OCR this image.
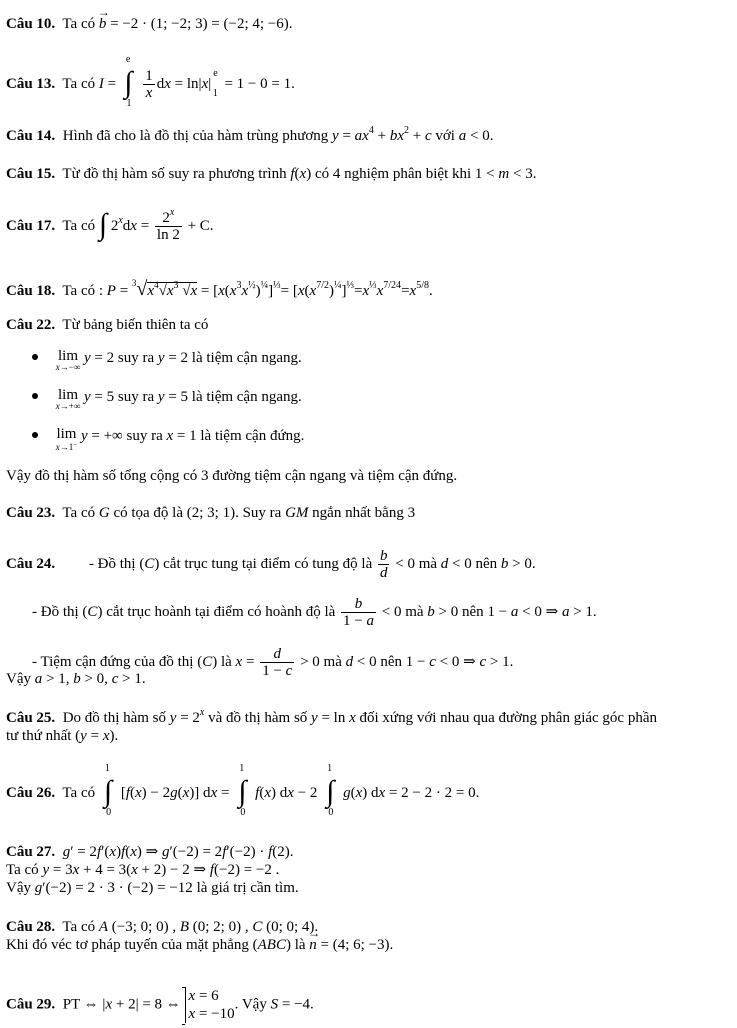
Câu 10. Ta có → b = −2 · (1; −2; 3) = (−2; 4; −6).
Câu 13. Ta có I = e∫1
$\frac{1}{x}$ dx = ln|x|e1 = 1 − 0 = 1.
Câu 14. Hình đã cho là đồ thị của hàm trùng phương $y = ax^4 + bx^2 + c$ với a < 0.
Câu 15. Từ đồ thị hàm số suy ra phương trình f(x) có 4 nghiệm phân biệt khi 1 < m < 3.
Câu 17. Ta có ∫ $2^xdx = \frac{2^x}{\ln 2} + C$.
Câu 18. Ta có : $P = ^3√x^4√x^3$ $√x = [x(x^3x^{\frac{1}{2}})^{\frac{1}{4}}]^{\frac{1}{3}}= [x(x^{7/2})^{\frac{1}{4}}]^{\frac{1}{3}}=x^{\frac{1}{3}}x^{7/24}=x^{5/8}$.
Câu 22. Từ bảng biến thiên ta có

lim
x→−∞
y = 2 suy ra y = 2 là tiệm cận ngang.

lim
x→+∞
y = 5 suy ra y = 5 là tiệm cận ngang.

lim
x→1−
y = +∞ suy ra x = 1 là tiệm cận đứng.
Vậy đồ thị hàm số tổng cộng có 3 đường tiệm cận ngang và tiệm cận đứng.
Câu 23. Ta có G có tọa độ là (2; 3; 1). Suy ra GM ngắn nhất bằng 3
Câu 24. - Đồ thị (C) cắt trục tung tại điểm có tung độ là $\frac{b}{d} < 0$ mà d < 0 nên b > 0.
- Đồ thị (C) cắt trục hoành tại điểm có hoành độ là $\frac{b}{1 - a} < 0$ mà b > 0 nên 1 − a < 0 ⇒ a > 1.
- Tiệm cận đứng của đồ thị (C) là $x = \frac{d}{1 - c} > 0$ mà d < 0 nên 1 − c < 0 ⇒ c > 1.
Vậy a > 1, b > 0, c > 1.
Câu 25. Do đồ thị hàm số $y = 2^x$ và đồ thị hàm số y = ln x đối xứng với nhau qua đường phân giác góc phần
tư thứ nhất (y = x).
Câu 26. Ta có 1∫0 [f(x) − 2g(x)] dx = 1∫0 f(x) dx − 2 1∫0 g(x) dx = 2 − 2 · 2 = 0.
Câu 27. g′ = 2f′(x)f(x) ⇒ g′(−2) = 2f′(−2) · f(2).
Ta có y = 3x + 4 = 3(x + 2) − 2 ⇒ f(−2) = −2 .
Vậy g′(−2) = 2 · 3 · (−2) = −12 là giá trị cần tìm.
Câu 28. Ta có A (−3; 0; 0) , B (0; 2; 0) , C (0; 0; 4).
Khi đó véc tơ pháp tuyến của mặt phẳng (ABC) là → n = (4; 6; −3).
Câu 29. PT ⇔ |x + 2| = 8 ⇔
x = 6
x = −10
. Vậy S = −4.
